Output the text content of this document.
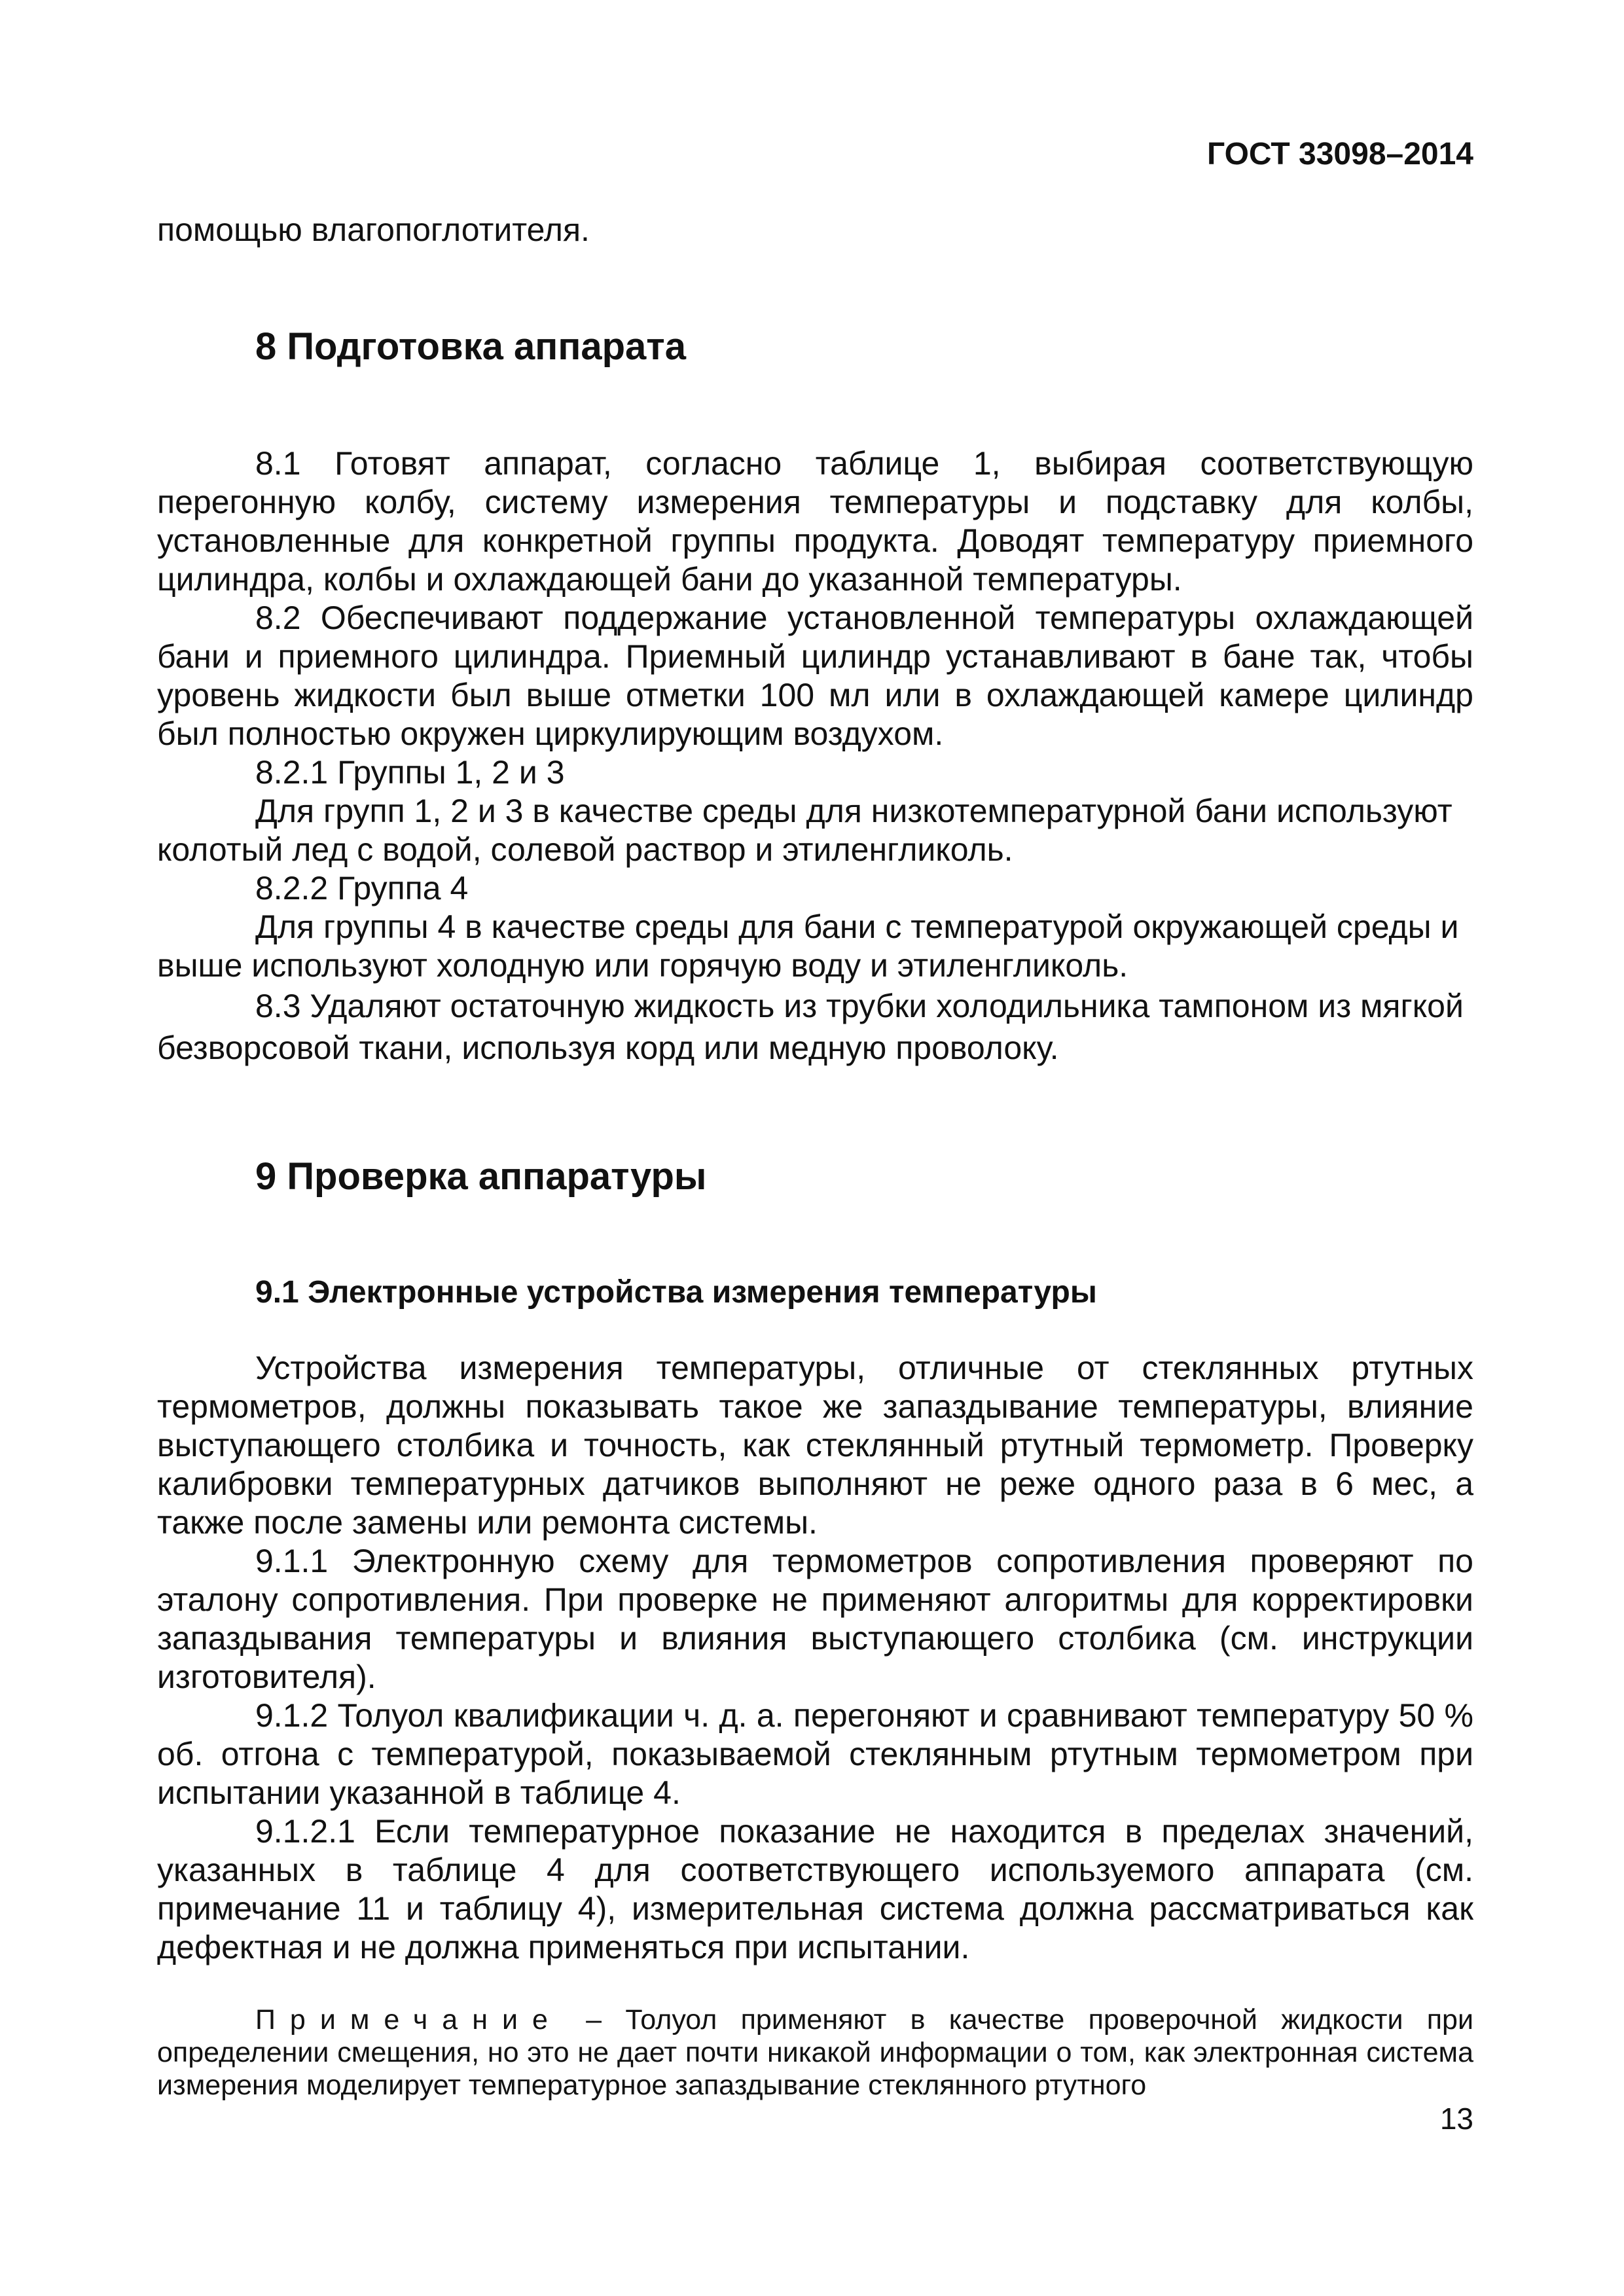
ГОСТ 33098–2014

помощью влагопоглотителя.

8 Подготовка аппарата

8.1 Готовят аппарат, согласно таблице 1, выбирая соответствующую перегонную колбу, систему измерения температуры и подставку для колбы, установленные для конкретной группы продукта. Доводят температуру приемного цилиндра, колбы и охлаждающей бани до указанной температуры.

8.2 Обеспечивают поддержание установленной температуры охлаждающей бани и приемного цилиндра. Приемный цилиндр устанавливают в бане так, чтобы уровень жидкости был выше отметки 100 мл или в охлаждающей камере цилиндр был полностью окружен циркулирующим воздухом.

8.2.1 Группы 1, 2 и 3

Для групп 1, 2 и 3 в качестве среды для низкотемпературной бани используют колотый лед с водой, солевой раствор и этиленгликоль.

8.2.2 Группа 4

Для группы 4 в качестве среды для бани с температурой окружающей среды и выше используют холодную или горячую воду и этиленгликоль.

8.3 Удаляют остаточную жидкость из трубки холодильника тампоном из мягкой безворсовой ткани, используя корд или медную проволоку.

9 Проверка аппаратуры
9.1 Электронные устройства измерения температуры

Устройства измерения температуры, отличные от стеклянных ртутных термометров, должны показывать такое же запаздывание температуры, влияние выступающего столбика и точность, как стеклянный ртутный термометр. Проверку калибровки температурных датчиков выполняют не реже одного раза в 6 мес, а также после замены или ремонта системы.

9.1.1 Электронную схему для термометров сопротивления проверяют по эталону сопротивления. При проверке не применяют алгоритмы для корректировки запаздывания температуры и влияния выступающего столбика (см. инструкции изготовителя).

9.1.2 Толуол квалификации ч. д. а. перегоняют и сравнивают температуру 50 % об. отгона с температурой, показываемой стеклянным ртутным термометром при испытании указанной в таблице 4.

9.1.2.1 Если температурное показание не находится в пределах значений, указанных в таблице 4 для соответствующего используемого аппарата (см. примечание 11 и таблицу 4), измерительная система должна рассматриваться как дефектная и не должна применяться при испытании.

Примечание – Толуол применяют в качестве проверочной жидкости при определении смещения, но это не дает почти никакой информации о том, как электронная система измерения моделирует температурное запаздывание стеклянного ртутного

13
